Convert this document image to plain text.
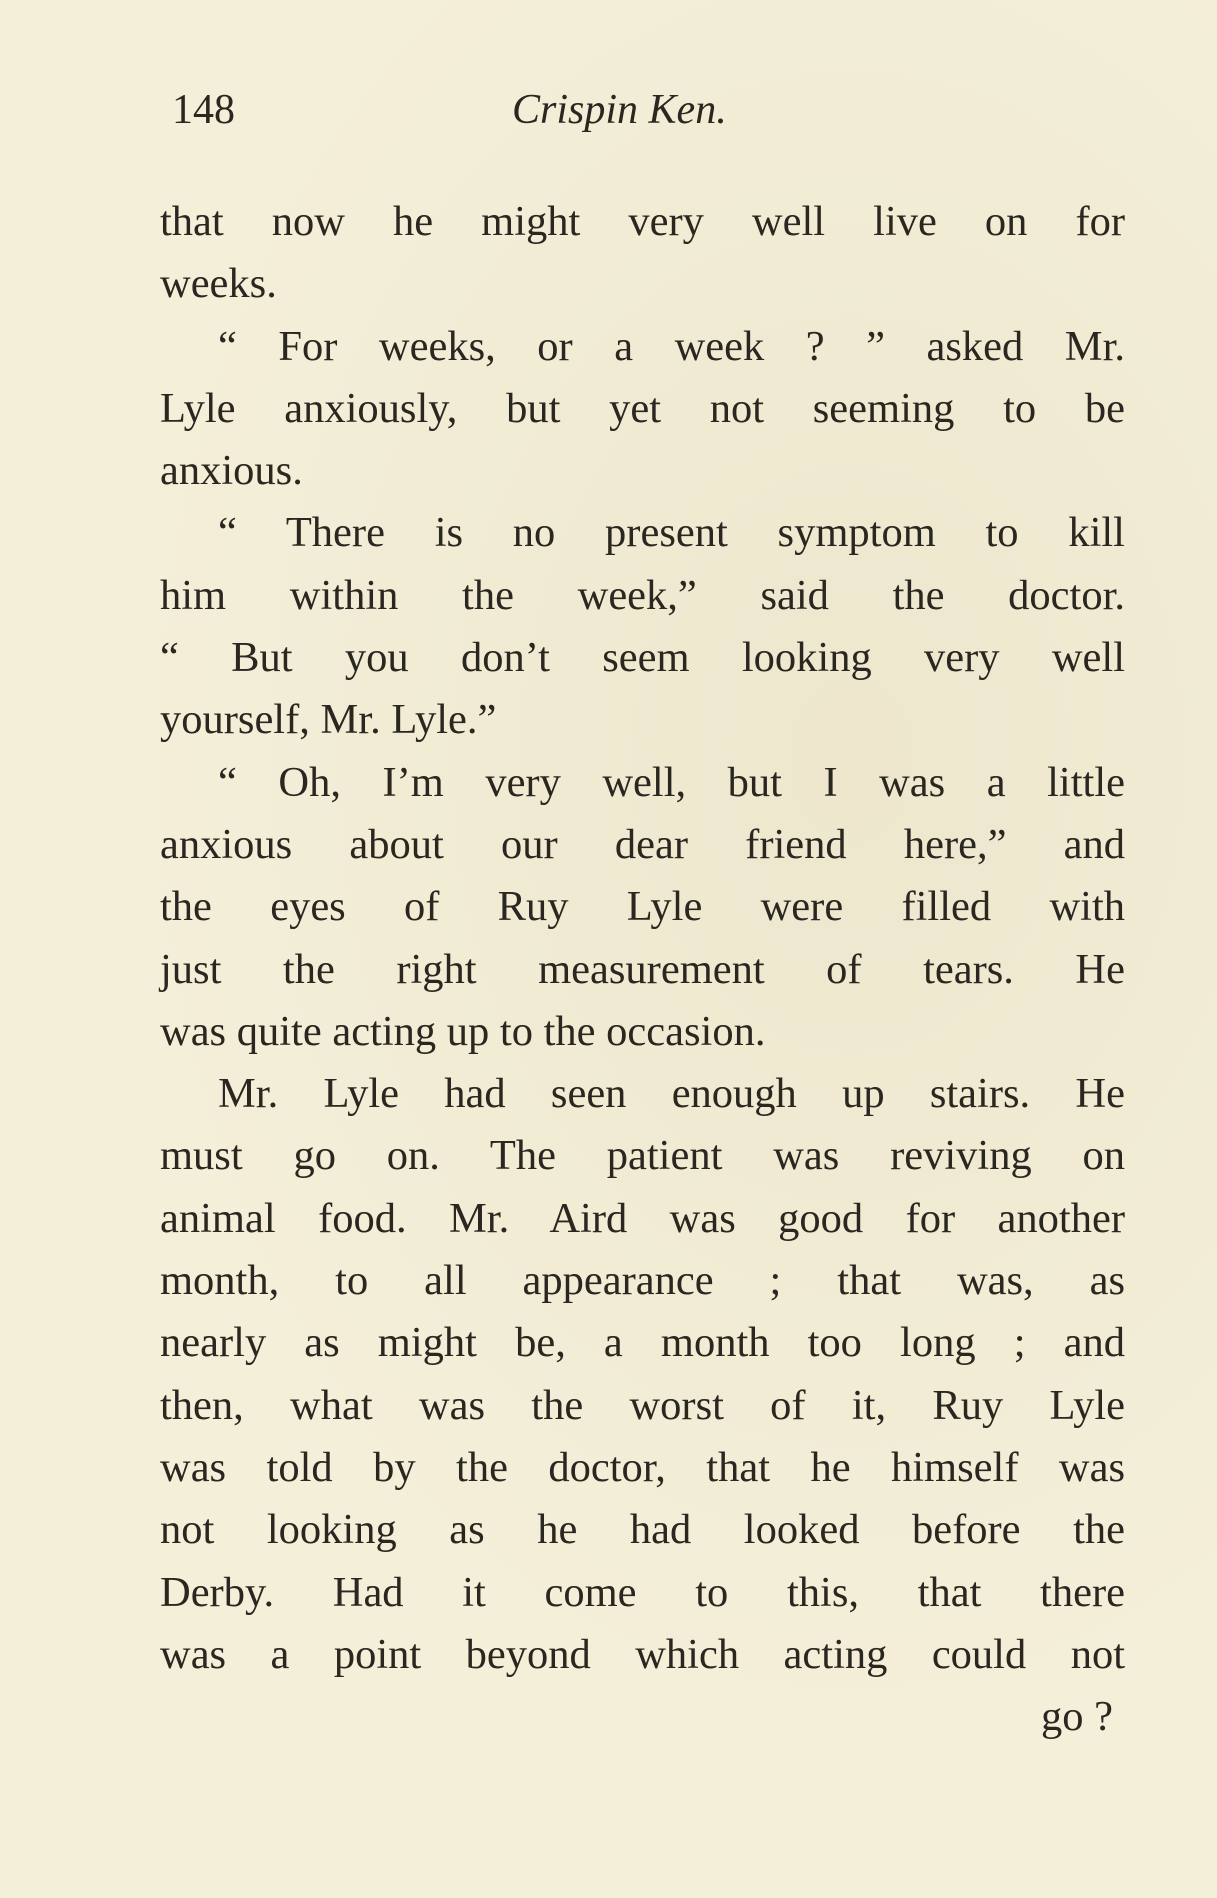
148	Crispin Ken.
that now he might very well live on for
weeks.
“ For weeks, or a week ? ” asked Mr.
Lyle anxiously, but yet not seeming to be
anxious.
“ There is no present symptom to kill
him within the week,” said the doctor.
“ But you don’t seem looking very well
yourself, Mr. Lyle.”
“ Oh, I’m very well, but I was a little
anxious about our dear friend here,” and
the eyes of Ruy Lyle were filled with
just the right measurement of tears. He
was quite acting up to the occasion.
Mr. Lyle had seen enough up stairs. He
must go on. The patient was reviving on
animal food. Mr. Aird was good for another
month, to all appearance ; that was, as
nearly as might be, a month too long ; and
then, what was the worst of it, Ruy Lyle
was told by the doctor, that he himself was
not looking as he had looked before the
Derby. Had it come to this, that there
was a point beyond which acting could not
go ?
